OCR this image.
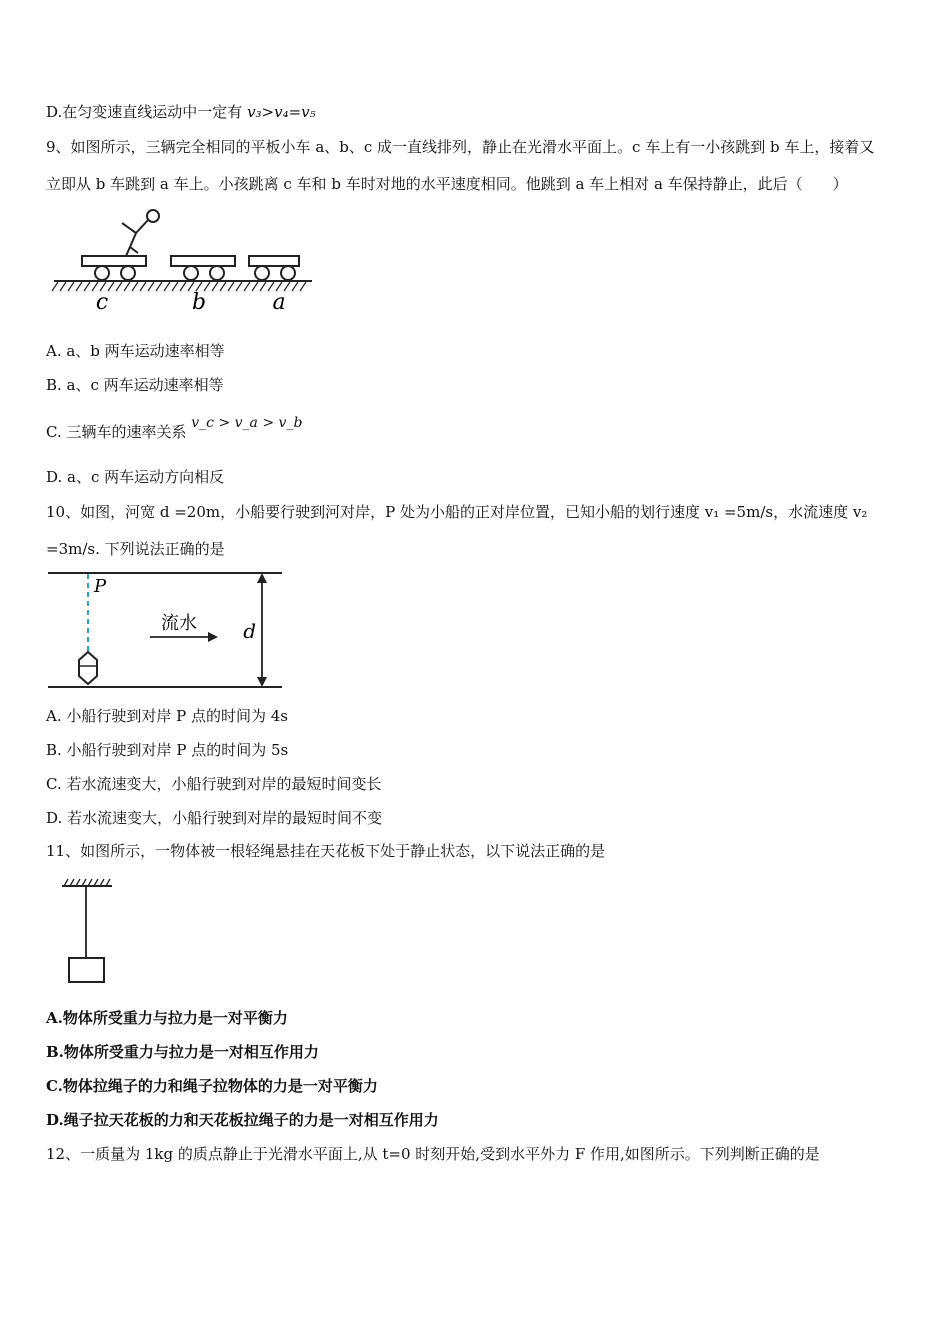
D.在匀变速直线运动中一定有 v₃>v₄=v₅
9、如图所示，三辆完全相同的平板小车 a、b、c 成一直线排列，静止在光滑水平面上。c 车上有一小孩跳到 b 车上，接着又
立即从 b 车跳到 a 车上。小孩跳离 c 车和 b 车时对地的水平速度相同。他跳到 a 车上相对 a 车保持静止，此后（　　）
c	b	a
A. a、b 两车运动速率相等
B. a、c 两车运动速率相等
C. 三辆车的速率关系 v_c > v_a > v_b
D. a、c 两车运动方向相反
10、如图，河宽 d =20m，小船要行驶到河对岸，P 处为小船的正对岸位置，已知小船的划行速度 v₁ =5m/s，水流速度 v₂
=3m/s. 下列说法正确的是
P
流水 d
A. 小船行驶到对岸 P 点的时间为 4s
B. 小船行驶到对岸 P 点的时间为 5s
C. 若水流速变大，小船行驶到对岸的最短时间变长
D. 若水流速变大，小船行驶到对岸的最短时间不变
11、如图所示，一物体被一根轻绳悬挂在天花板下处于静止状态，以下说法正确的是
A.物体所受重力与拉力是一对平衡力
B.物体所受重力与拉力是一对相互作用力
C.物体拉绳子的力和绳子拉物体的力是一对平衡力
D.绳子拉天花板的力和天花板拉绳子的力是一对相互作用力
12、一质量为 1kg 的质点静止于光滑水平面上,从 t=0 时刻开始,受到水平外力 F 作用,如图所示。下列判断正确的是
